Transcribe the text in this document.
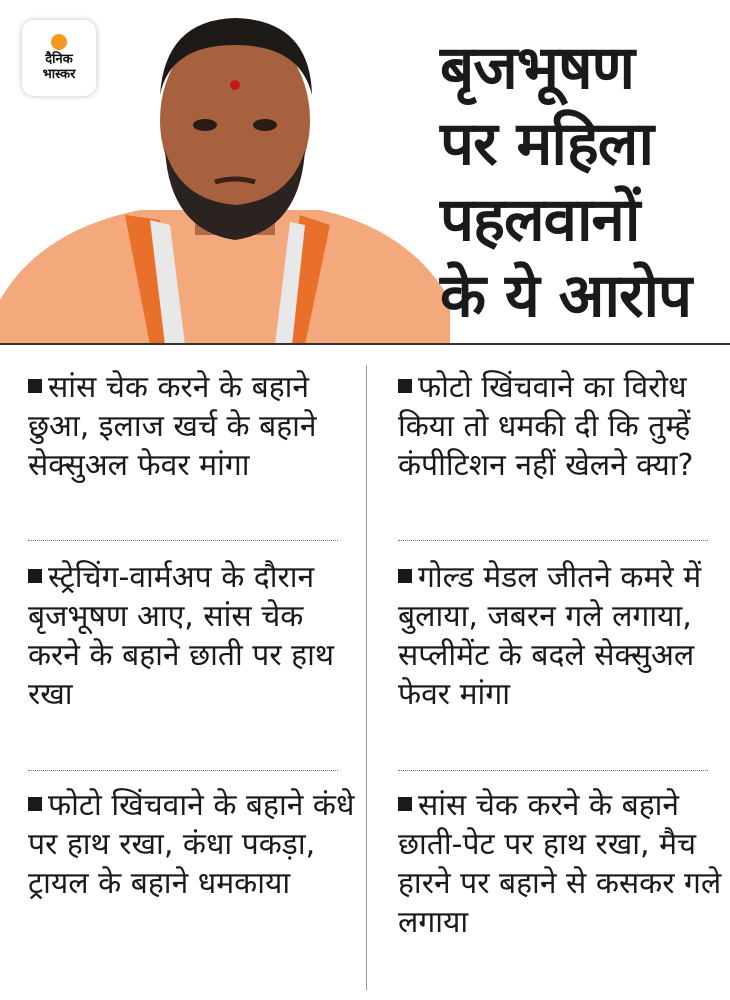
दैनिक
भास्कर	बृजभूषण
पर महिला
पहलवानों
के ये आरोप

सांस चेक करने के बहाने छुआ, इलाज खर्च के बहाने सेक्सुअल फेवर मांगा

स्ट्रेचिंग-वार्मअप के दौरान बृजभूषण आए, सांस चेक करने के बहाने छाती पर हाथ रखा

फोटो खिंचवाने के बहाने कंधे पर हाथ रखा, कंधा पकड़ा, ट्रायल के बहाने धमकाया

फोटो खिंचवाने का विरोध किया तो धमकी दी कि तुम्हें कंपीटिशन नहीं खेलने क्या?

गोल्ड मेडल जीतने कमरे में बुलाया, जबरन गले लगाया, सप्लीमेंट के बदले सेक्सुअल फेवर मांगा

सांस चेक करने के बहाने छाती-पेट पर हाथ रखा, मैच हारने पर बहाने से कसकर गले लगाया
